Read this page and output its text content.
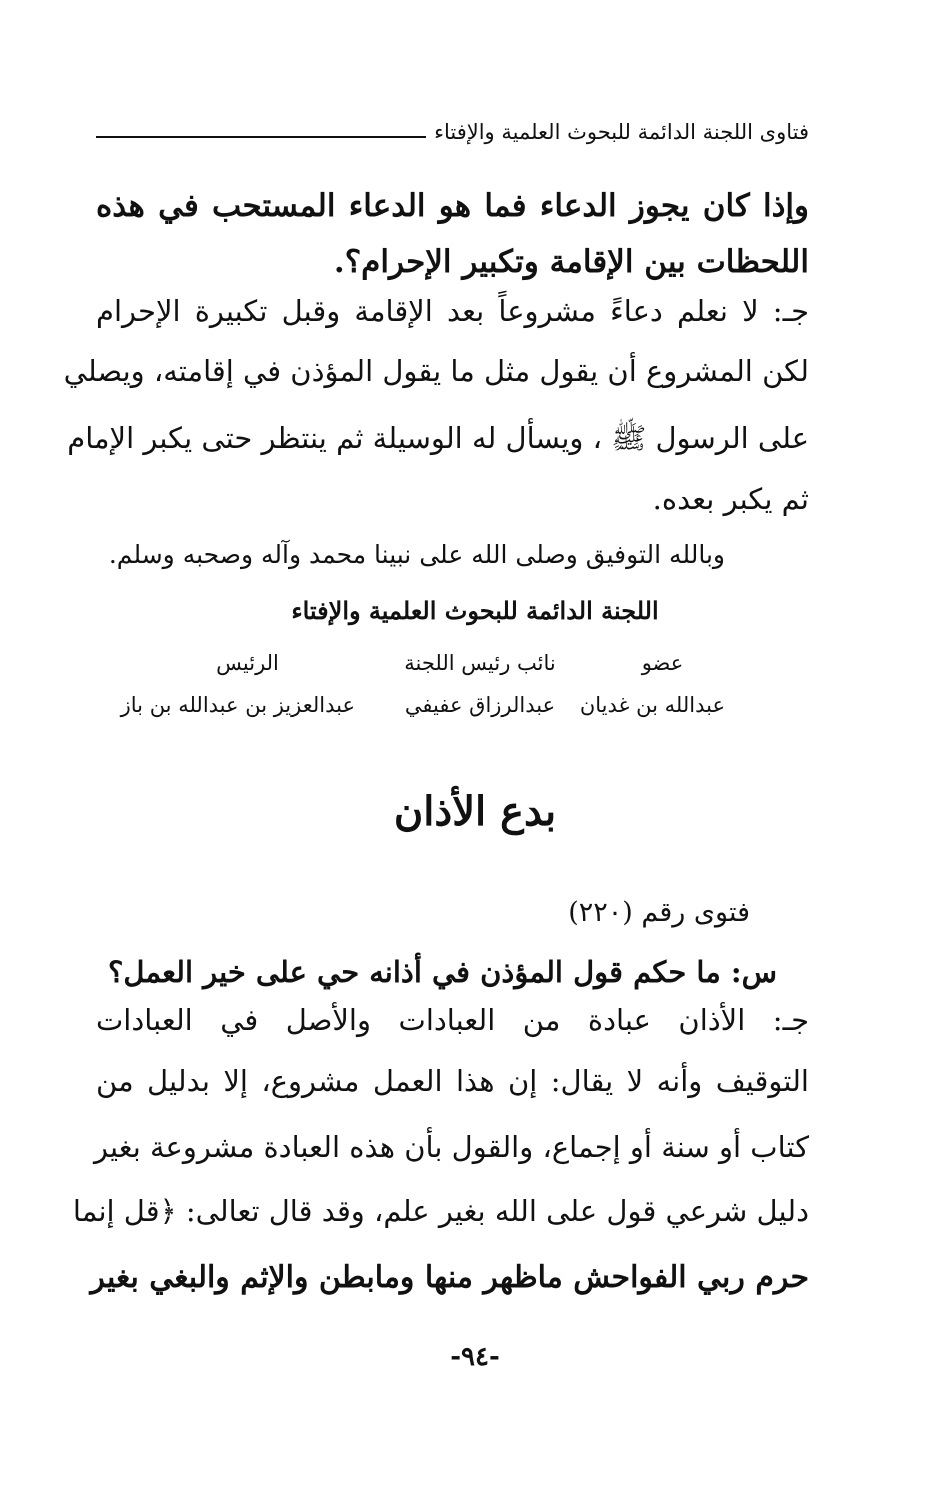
فتاوى اللجنة الدائمة للبحوث العلمية والإفتاء
وإذا كان يجوز الدعاء فما هو الدعاء المستحب في هذه
اللحظات بين الإقامة وتكبير الإحرام؟.
جـ: لا نعلم دعاءً مشروعاً بعد الإقامة وقبل تكبيرة الإحرام
لكن المشروع أن يقول مثل ما يقول المؤذن في إقامته، ويصلي
على الرسول ﷺ ، ويسأل له الوسيلة ثم ينتظر حتى يكبر الإمام
ثم يكبر بعده.
وبالله التوفيق وصلى الله على نبينا محمد وآله وصحبه وسلم.
اللجنة الدائمة للبحوث العلمية والإفتاء
عضو
نائب رئيس اللجنة
الرئيس
عبدالله بن غديان
عبدالرزاق عفيفي
عبدالعزيز بن عبدالله بن باز
بدع الأذان
فتوى رقم (٢٢٠)
س: ما حكم قول المؤذن في أذانه حي على خير العمل؟
جـ: الأذان عبادة من العبادات والأصل في العبادات
التوقيف وأنه لا يقال: إن هذا العمل مشروع، إلا بدليل من
كتاب أو سنة أو إجماع، والقول بأن هذه العبادة مشروعة بغير
دليل شرعي قول على الله بغير علم، وقد قال تعالى: ﴿قل إنما
حرم ربي الفواحش ماظهر منها ومابطن والإثم والبغي بغير
-٩٤-
